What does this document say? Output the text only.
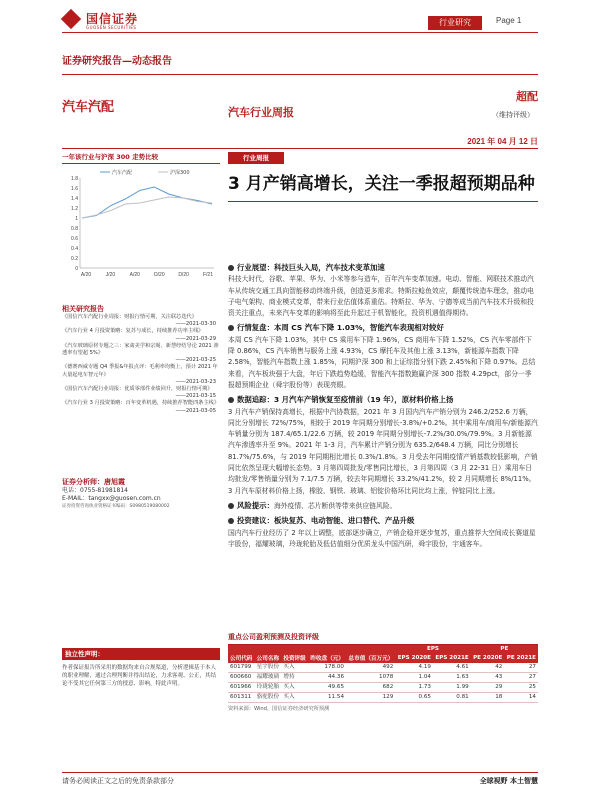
国信证券
GUOSEN SECURITIES
行业研究	Page 1
证券研究报告—动态报告
汽车汽配	汽车行业周报
超配
（维持评级）
2021 年 04 月 12 日
一年该行业与沪深 300 走势比较
0
0.2
0.4
0.6
0.8
1
1.2
1.4
1.6
1.8
A/20	J/20	A/20	O/20	D/20	F/21
汽车汽配	沪深300
相关研究报告
《国信汽车汽配行业周报：财报行情可期，关注联芯迭代》
——2021-03-30
《汽车行业 4 月投资策略：复苏与成长，持续推荐功率主线》
——2021-03-29
《汽车玻璃原材专题之三：家禽美学和宗阁、新慧经结导论 2021 渗透率有望超 5%》
——2021-03-25
《德赛西威专题 Q4 季报&年报点评：毛利率均衡上，预计 2021 年大量起电车智元年》
——2021-03-23
《国信汽车汽配行业周报：优质零部件业绩回升，财报行情可期》
——2021-03-15
《汽车行业 3 月投资策略：百年变革机遇，持续推荐智能四条主线》
——2021-03-05
证券分析师：唐旭霞
电话：0755-81981814
E-MAIL：tangxx@guosen.com.cn
证券投资咨询执业资格证书编码：S0980519080002
独立性声明：
作者保证报告所采用的数据均来自合规渠道，分析逻辑基于本人的职业理解，通过合理判断并得出结论，力求客观、公正，其结论不受其它任何第三方的授意、影响，特此声明。
行业周报
3 月产销高增长，关注一季报超预期品种
行业展望：科技巨头入局，汽车技术变革加速
科技大时代，谷歌、苹果、华为、小米等参与造车，百年汽车变革加速。电动、智能、网联技术推动汽车从传统交通工具向智能移动终端升级，创造更多需求。特斯拉鲶鱼效应，颠覆传统造车理念，推动电子电气架构、商业模式变革，带来行业估值体系重估。特斯拉、华为、宁德等成当前汽车技术升级和投资关注重点，未来汽车变革的影响将至此升起过于机智能化，投资机遇值得期待。
行情复盘：本周 CS 汽车下降 1.03%，智能汽车表现相对较好
本周 CS 汽车下降 1.03%，其中 CS 乘用车下降 1.96%，CS 商用车下降 1.52%，CS 汽车零部件下降 0.86%，CS 汽车销售与服务上涨 4.93%，CS 摩托车及其他上涨 3.13%，新能源车指数下降 2.58%，智能汽车指数上涨 1.85%，同期沪深 300 和上证综指分别下跌 2.45%和下降 0.97%。总结来看，汽车板块强于大盘，年后下跌趋势趋缓，智能汽车指数跑赢沪深 300 指数 4.29pct，部分一季报超预期企业（舜宇股份等）表现亮眼。
数据追踪：3 月汽车产销恢复至疫情前（19 年），原材料价格上扬
3 月汽车产销保持高增长，根据中汽协数据，2021 年 3 月国内汽车产销分别为 246.2/252.6 万辆，同比分别增长 72%/75%，相较于 2019 年同期分别增长-3.8%/+0.2%。其中乘用车/商用车/新能源汽车销量分别为 187.4/65.1/22.6 万辆，较 2019 年同期分别增长-7.2%/30.0%/79.9%。3 月新能源汽车渗透率升至 9%。2021 年 1-3 月，汽车累计产销分别为 635.2/648.4 万辆，同比分别增长 81.7%/75.6%，与 2019 年同期相比增长 0.3%/1.8%。3 月受去年同期疫情产销基数较低影响，产销同比依然呈现大幅增长态势。3 月第四周批发/零售同比增长，3 月第四周（3 月 22-31 日）乘用车日均批发/零售销量分别为 7.1/7.5 万辆，较去年同期增长 33.2%/41.2%，较 2 月同期增长 8%/11%。3 月汽车原材料价格上扬，橡胶、钢铁、玻璃、铝锭价格环比同比均上涨，锌锭同比上涨。
风险提示：海外疫情、芯片断供等带来供应链风险。
投资建议：板块复苏、电动智能、进口替代、产品升级
国内汽车行业经历了 2 年以上调整，底部逐步确立，产销企稳并逐步复苏，重点推荐大空间成长赛道星宇股份，福耀玻璃，玲珑轮胎及低估值细分优质龙头中国汽研，舜宇股份，宇通客车。
重点公司盈利预测及投资评级
					EPS		PE	
公司代码	公司名称	投资评级	昨收盘（元）	总市值（百万元）	EPS 2020E	EPS 2021E	PE 2020E	PE 2021E
601799	星宇股份	买入	178.00	492	4.19	4.61	42	27
600660	福耀玻璃	增持	44.36	1078	1.04	1.63	43	27
601966	玲珑轮胎	买入	49.65	682	1.73	1.99	29	25
601311	骆驼股份	买入	11.54	129	0.65	0.81	18	14
资料来源：Wind，国信证券经济研究所预测
请务必阅读正文之后的免责条款部分	全球视野 本土智慧
